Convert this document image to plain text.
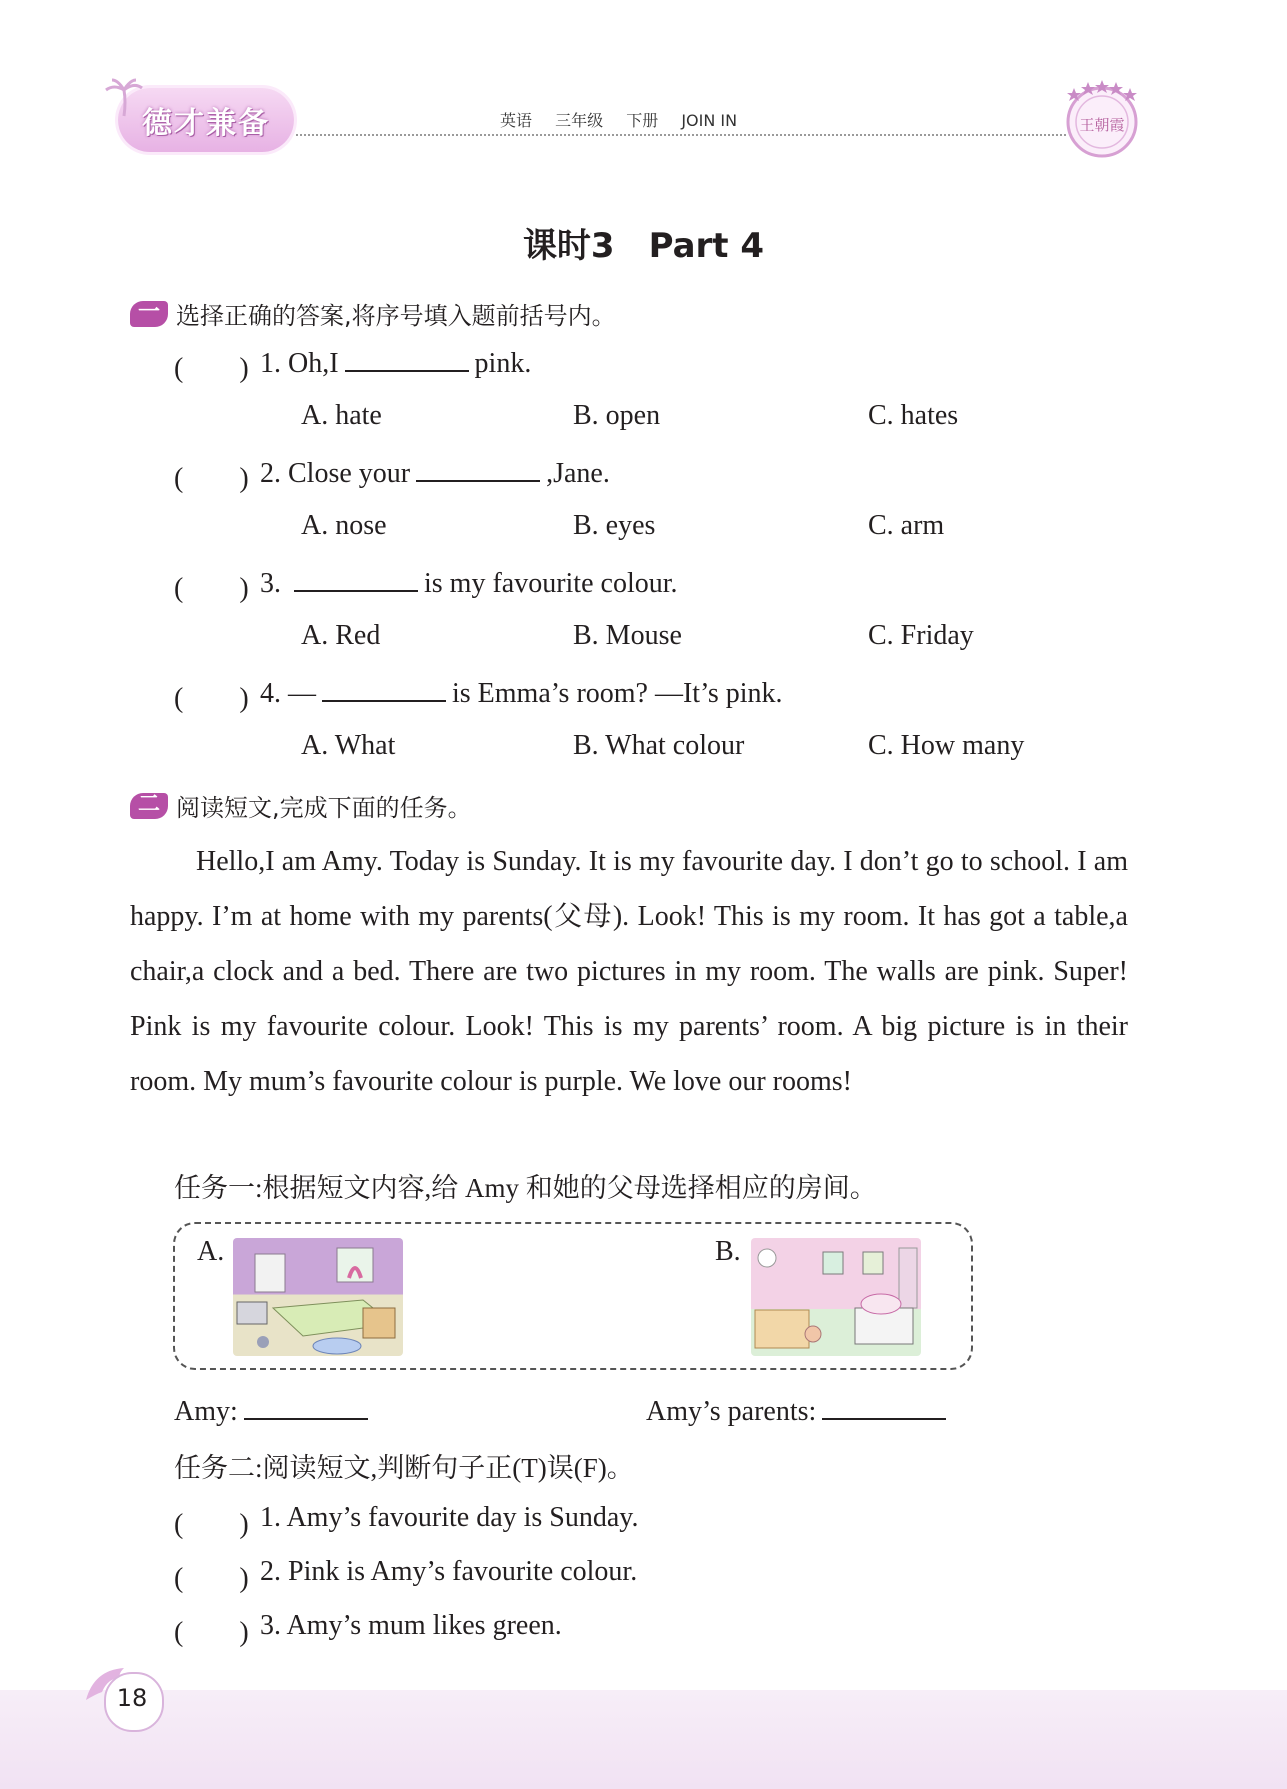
德才兼备	英语 三年级 下册 JOIN IN	王朝霞
课时3　Part 4
一 选择正确的答案,将序号填入题前括号内。
(　　) 1. Oh,I	pink.
A. hate	B. open	C. hates
(　　) 2. Close your	,Jane.
A. nose	B. eyes	C. arm
(　　) 3.	is my favourite colour.
A. Red	B. Mouse	C. Friday
(　　) 4. —	is Emma’s room? —It’s pink.
A. What	B. What colour	C. How many
二 阅读短文,完成下面的任务。

Hello,I am Amy. Today is Sunday. It is my favourite day. I don’t go to school. I am happy. I’m at home with my parents(父母). Look! This is my room. It has got a table,a chair,a clock and a bed. There are two pictures in my room. The walls are pink. Super! Pink is my favourite colour. Look! This is my parents’ room. A big picture is in their room. My mum’s favourite colour is purple. We love our rooms!

任务一:根据短文内容,给 Amy 和她的父母选择相应的房间。
A.	B.
Amy:	Amy’s parents:
任务二:阅读短文,判断句子正(T)误(F)。
(　　) 1. Amy’s favourite day is Sunday.
(　　) 2. Pink is Amy’s favourite colour.
(　　) 3. Amy’s mum likes green.
18
